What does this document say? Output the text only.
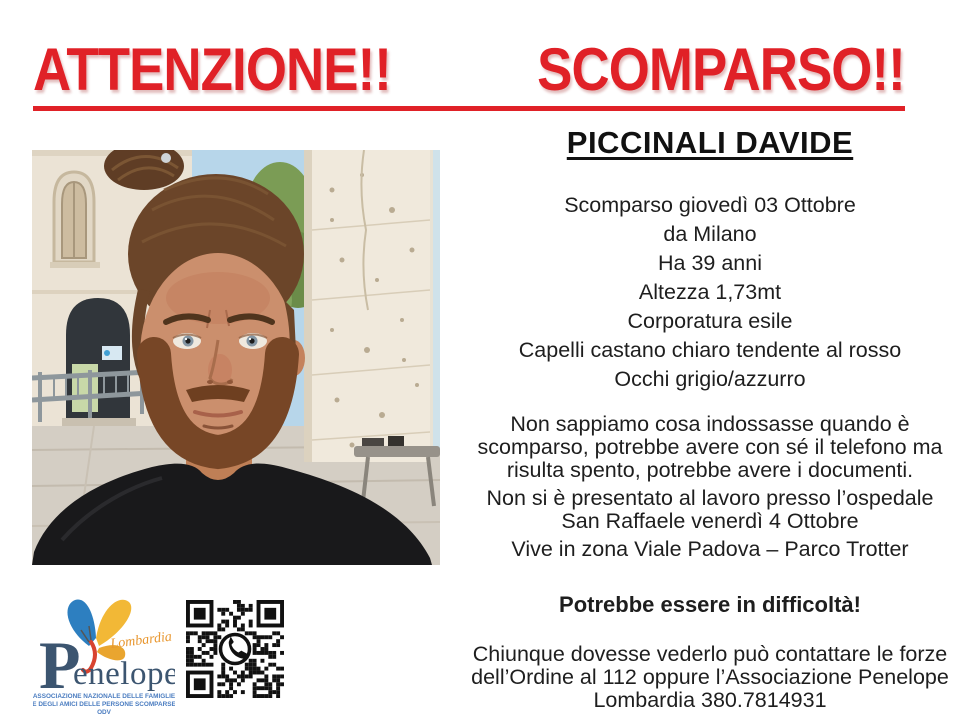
ATTENZIONE!! SCOMPARSO!!
PICCINALI DAVIDE

Scomparso giovedì 03 Ottobre

da Milano

Ha 39 anni

Altezza 1,73mt

Corporatura esile

Capelli castano chiaro tendente al rosso

Occhi grigio/azzurro

Non sappiamo cosa indossasse quando è scomparso, potrebbe avere con sé il telefono ma risulta spento, potrebbe avere i documenti.

Non si è presentato al lavoro presso l’ospedale San Raffaele venerdì 4 Ottobre

Vive in zona Viale Padova – Parco Trotter

Potrebbe essere in difficoltà!

Chiunque dovesse vederlo può contattare le forze dell’Ordine al 112 oppure l’Associazione Penelope Lombardia 380.7814931

P
enelope
Lombardia
ASSOCIAZIONE NAZIONALE DELLE FAMIGLIE
E DEGLI AMICI DELLE PERSONE SCOMPARSE
ODV
